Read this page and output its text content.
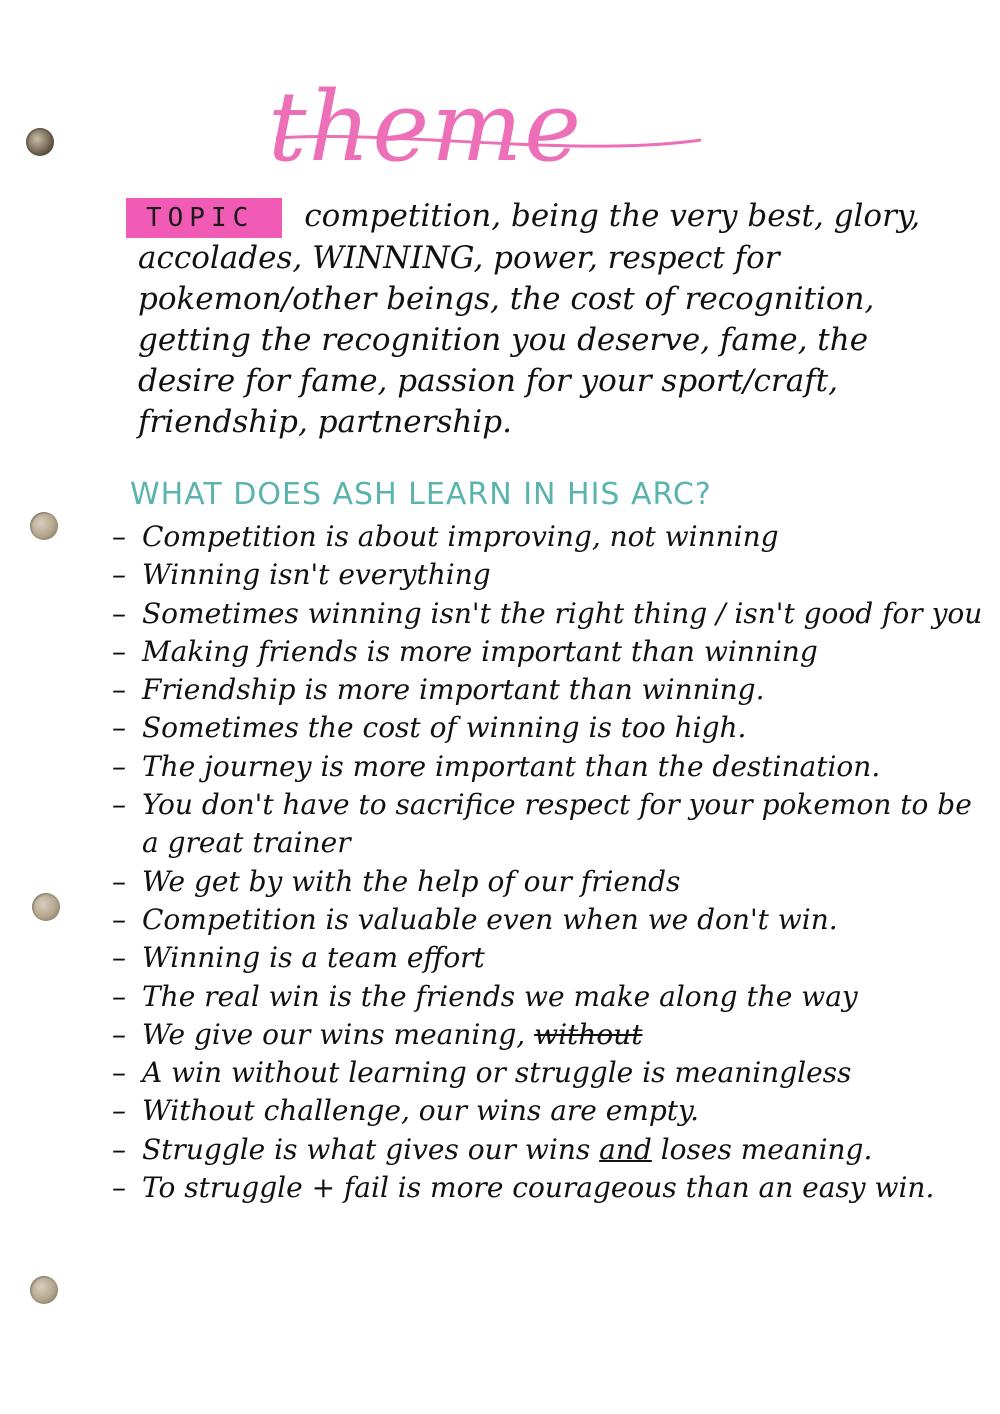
theme
TOPIC competition, being the very best, glory, accolades, WINNING, power, respect for pokemon/other beings, the cost of recognition, getting the recognition you deserve, fame, the desire for fame, passion for your sport/craft, friendship, partnership.
WHAT DOES ASH LEARN IN HIS ARC?
– Competition is about improving, not winning
– Winning isn't everything
– Sometimes winning isn't the right thing / isn't good for you
– Making friends is more important than winning
– Friendship is more important than winning.
– Sometimes the cost of winning is too high.
– The journey is more important than the destination.
– You don't have to sacrifice respect for your pokemon to be a great trainer
– We get by with the help of our friends
– Competition is valuable even when we don't win.
– Winning is a team effort
– The real win is the friends we make along the way
– We give our wins meaning, without
– A win without learning or struggle is meaningless
– Without challenge, our wins are empty.
– Struggle is what gives our wins and loses meaning.
– To struggle + fail is more courageous than an easy win.
